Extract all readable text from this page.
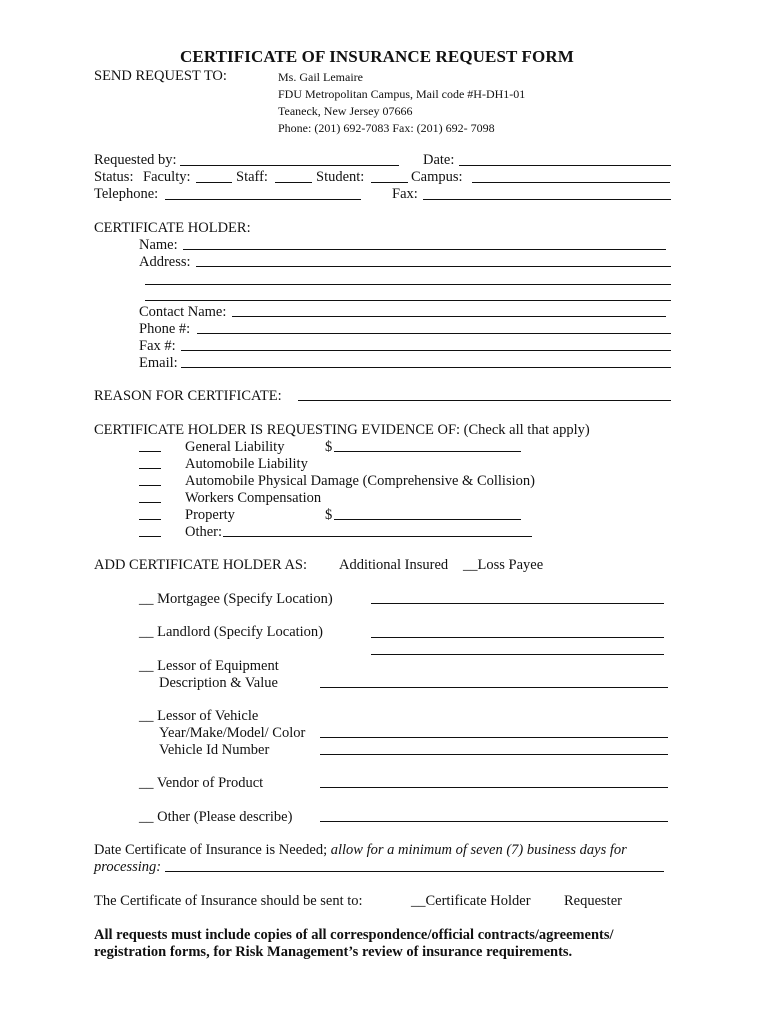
CERTIFICATE OF INSURANCE REQUEST FORM
SEND REQUEST TO:	Ms. Gail Lemaire
FDU Metropolitan Campus, Mail code #H-DH1-01
Teaneck, New Jersey 07666
Phone: (201) 692-7083 Fax: (201) 692- 7098
Requested by:	Date:
Status: Faculty:	Staff:	Student:	Campus:
Telephone:	Fax:
CERTIFICATE HOLDER:
Name:
Address:
Contact Name:
Phone #:
Fax #:
Email:
REASON FOR CERTIFICATE:
CERTIFICATE HOLDER IS REQUESTING EVIDENCE OF: (Check all that apply)
General Liability	$
Automobile Liability
Automobile Physical Damage (Comprehensive & Collision)
Workers Compensation
Property	$
Other:
ADD CERTIFICATE HOLDER AS: Additional Insured __Loss Payee
__ Mortgagee (Specify Location)
__ Landlord (Specify Location)
__ Lessor of Equipment
Description & Value
__ Lessor of Vehicle
Year/Make/Model/ Color
Vehicle Id Number
__ Vendor of Product
__ Other (Please describe)
Date Certificate of Insurance is Needed; allow for a minimum of seven (7) business days for
processing:
The Certificate of Insurance should be sent to:	__Certificate Holder Requester
All requests must include copies of all correspondence/official contracts/agreements/
registration forms, for Risk Management’s review of insurance requirements.
